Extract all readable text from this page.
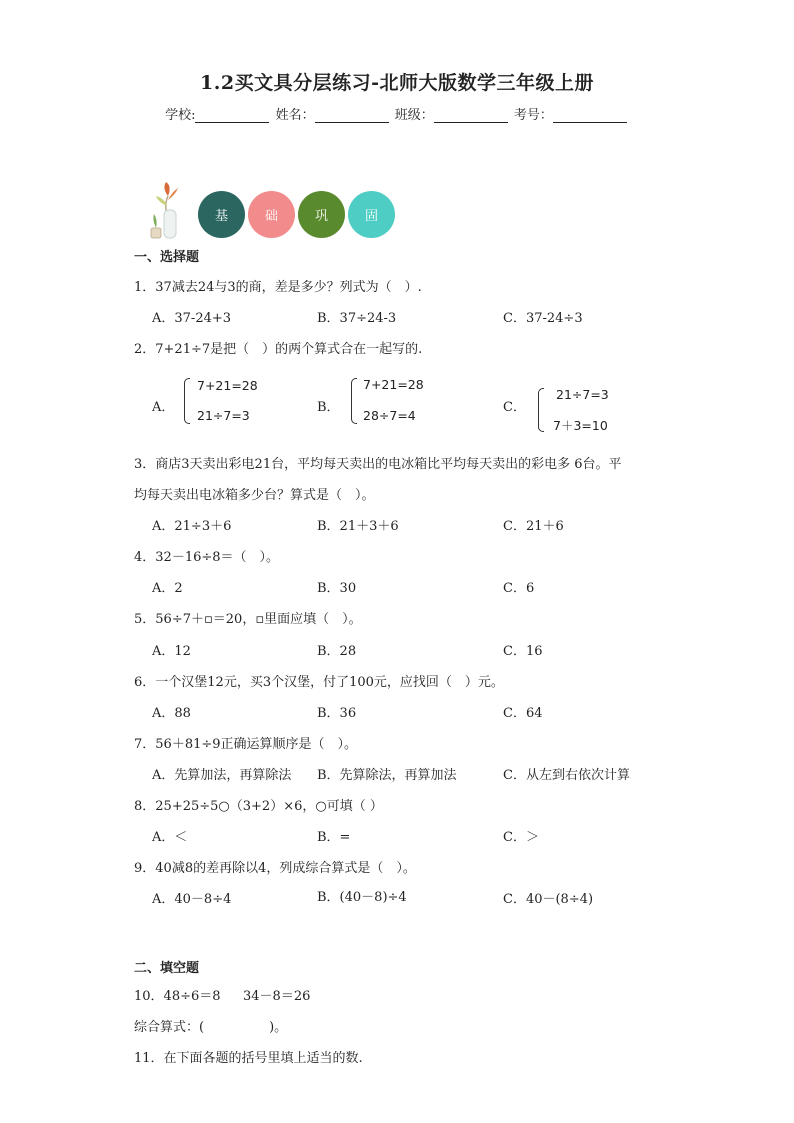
1.2买文具分层练习-北师大版数学三年级上册
学校:	姓名：	班级：	考号：
基	础	巩	固
一、选择题
1．37减去24与3的商，差是多少？列式为（　）.
A．37-24+3	B．37÷24-3	C．37-24÷3
2．7+21÷7是把（　）的两个算式合在一起写的.
A．
7+21=28
21÷7=3
B．
7+21=28
28÷7=4
C．
21÷7=3
7＋3=10
3．商店3天卖出彩电21台，平均每天卖出的电冰箱比平均每天卖出的彩电多 6台。平
均每天卖出电冰箱多少台？算式是（　）。
A．21÷3＋6	B．21＋3＋6	C．21＋6
4．32－16÷8＝（　）。
A．2	B．30	C．6
5．56÷7＋▫＝20，▫里面应填（　）。
A．12	B．28	C．16
6．一个汉堡12元，买3个汉堡，付了100元，应找回（　）元。
A．88	B．36	C．64
7．56＋81÷9正确运算顺序是（　）。
A．先算加法，再算除法 B．先算除法，再算加法	C．从左到右依次计算
8．25+25÷5○（3+2）×6，○可填（ ）
A．＜	B．=	C．＞
9．40减8的差再除以4，列成综合算式是（　）。
A．40－8÷4	B．(40－8)÷4	C．40－(8÷4)
二、填空题
10．48÷6＝8 34－8＝26
综合算式：(　　　　　)。
11．在下面各题的括号里填上适当的数.
